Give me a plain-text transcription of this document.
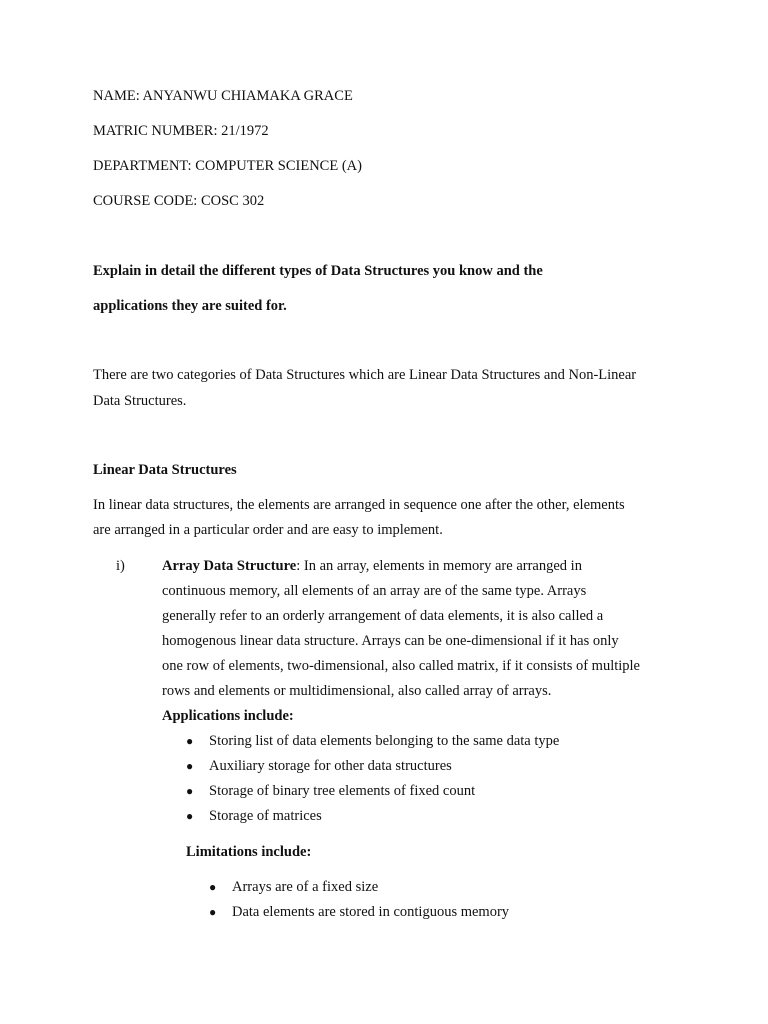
NAME: ANYANWU CHIAMAKA GRACE
MATRIC NUMBER: 21/1972
DEPARTMENT: COMPUTER SCIENCE (A)
COURSE CODE: COSC 302
Explain in detail the different types of Data Structures you know and the
applications they are suited for.
There are two categories of Data Structures which are Linear Data Structures and Non-Linear
Data Structures.
Linear Data Structures
In linear data structures, the elements are arranged in sequence one after the other, elements
are arranged in a particular order and are easy to implement.
i)	Array Data Structure: In an array, elements in memory are arranged in
continuous memory, all elements of an array are of the same type. Arrays
generally refer to an orderly arrangement of data elements, it is also called a
homogenous linear data structure. Arrays can be one-dimensional if it has only
one row of elements, two-dimensional, also called matrix, if it consists of multiple
rows and elements or multidimensional, also called array of arrays.
Applications include:
● Storing list of data elements belonging to the same data type
● Auxiliary storage for other data structures
● Storage of binary tree elements of fixed count
● Storage of matrices
Limitations include:
● Arrays are of a fixed size
● Data elements are stored in contiguous memory
